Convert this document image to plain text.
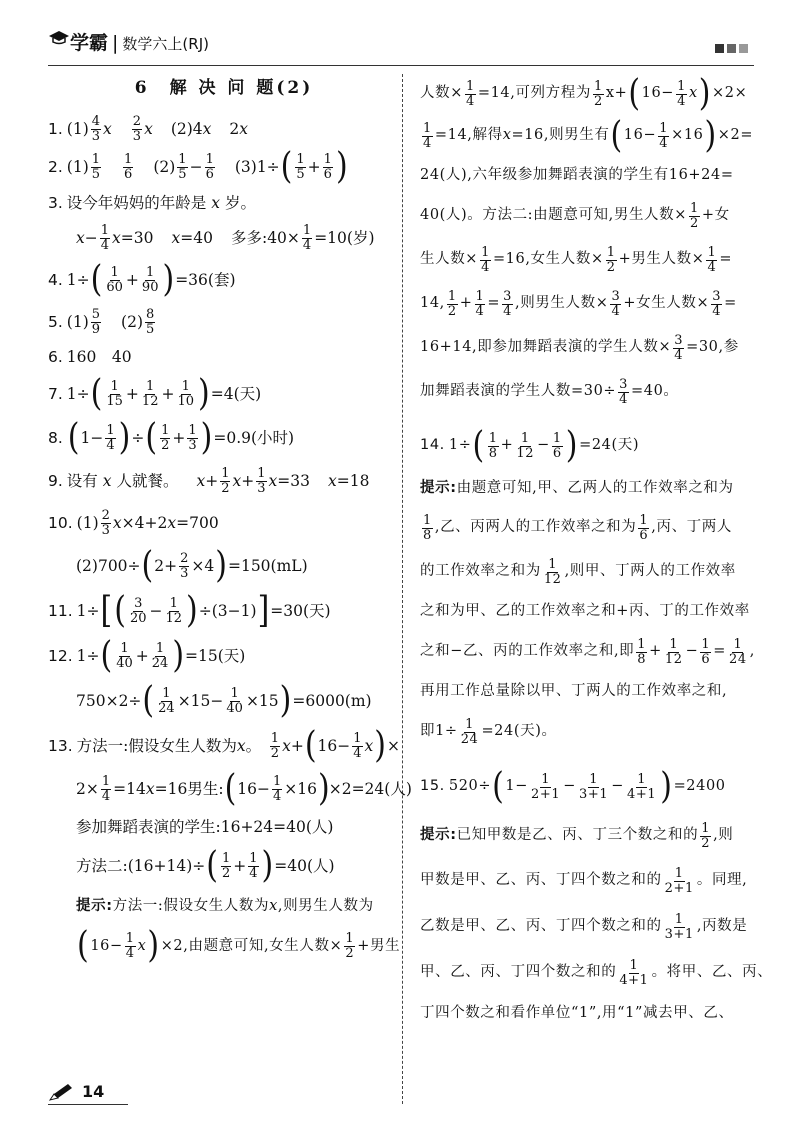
学霸 | 数学六上(RJ)
6　解 决 问 题(2)
1. $(1) \frac{4}{3}$ x $\frac{2}{3}$ x (2)4 x 2 x
2. $(1) \frac{1}{5} \frac{1}{6} (2) \frac{1}{5} - \frac{1}{6} (3)1\div$ ( $\frac{1}{5} + \frac{1}{6}$ )
3. 设今年妈妈的年龄是
x
岁。
$x - \frac{1}{4}$ x =30 x =40 多多:40× $\frac{1}{4} =10$(岁)
4. 1÷ ( $\frac{1}{60} + \frac{1}{90}$ ) =36(套)
5. $(1) \frac{5}{9} (2) \frac{8}{5}$
6. 160　40
7. 1÷ ( $\frac{1}{15} + \frac{1}{12} + \frac{1}{10}$ ) =4(天)
8. ( $1- \frac{1}{4}$ ) ÷ ( $\frac{1}{2} + \frac{1}{3}$ ) =0.9(小时)
9. 设有
x
人就餐。 $x + \frac{1}{2}$ $x + \frac{1}{3}$ x =33 x =18
10. $(1) \frac{2}{3}$ x ×4+2 x =700
(2)700÷ ( $2+ \frac{2}{3} \times 4$ ) =150(mL)
11. 1÷ [ ( $\frac{3}{20} - \frac{1}{12}$ ) ÷(3−1) ] =30(天)
12. 1÷ ( $\frac{1}{40} + \frac{1}{24}$ ) =15(天)
750×2÷ ( $\frac{1}{24} \times 15- \frac{1}{40} \times 15$ ) =6000(m)
13. 方法一:假设女生人数为 x 。 $\frac{1}{2}$ x + ( $16- \frac{1}{4}$ x ) ×
$2\times \frac{1}{4} =14$ x =16 男生: ( $16- \frac{1}{4} \times 16$ ) ×2=24(人)
参加舞蹈表演的学生:16+24=40(人)
方法二:(16+14)÷ ( $\frac{1}{2} + \frac{1}{4}$ ) =40(人)
提示: 方法一:假设女生人数为 x ,则男生人数为
( $16- \frac{1}{4}$ x ) ×2,由题意可知,女生人数× $\frac{1}{2}$ +男生
人数× $\frac{1}{4} =14$,可列方程为 $\frac{1}{2} x+$ ( $16- \frac{1}{4}$ x ) ×2×
$\frac{1}{4} =14$,解得 x =16,则男生有 ( $16- \frac{1}{4} \times 16$ ) ×2=
24(人),六年级参加舞蹈表演的学生有16+24=
40(人)。方法二:由题意可知,男生人数× $\frac{1}{2}$ +女
生人数× $\frac{1}{4} =16$,女生人数× $\frac{1}{2}$ +男生人数× $\frac{1}{4}$ =
14, $\frac{1}{2} + \frac{1}{4} = \frac{3}{4}$ ,则男生人数× $\frac{3}{4}$ +女生人数× $\frac{3}{4}$ =
16+14,即参加舞蹈表演的学生人数× $\frac{3}{4} =30$,参
加舞蹈表演的学生人数$=30\div \frac{3}{4} =40$。
14. 1÷ ( $\frac{1}{8} + \frac{1}{12} - \frac{1}{6}$ ) =24(天)
提示: 由题意可知,甲、乙两人的工作效率之和为
$\frac{1}{8}$ ,乙、丙两人的工作效率之和为 $\frac{1}{6}$ ,丙、丁两人
的工作效率之和为 $\frac{1}{12}$ ,则甲、丁两人的工作效率
之和为甲、乙的工作效率之和+丙、丁的工作效率
之和−乙、丙的工作效率之和,即 $\frac{1}{8} + \frac{1}{12} - \frac{1}{6} = \frac{1}{24}$ ,
再用工作总量除以甲、丁两人的工作效率之和,
即$1\div \frac{1}{24} =24$(天)。
15. 520÷ ( $1- \frac{1}{2+1} - \frac{1}{3+1} - \frac{1}{4+1}$ ) =2400
提示: 已知甲数是乙、丙、丁三个数之和的 $\frac{1}{2}$ ,则
甲数是甲、乙、丙、丁四个数之和的 $\frac{1}{2+1}$ 。同理,
乙数是甲、乙、丙、丁四个数之和的 $\frac{1}{3+1}$ ,丙数是
甲、乙、丙、丁四个数之和的 $\frac{1}{4+1}$ 。将甲、乙、丙、
丁四个数之和看作单位“1”,用“1”减去甲、乙、
14
